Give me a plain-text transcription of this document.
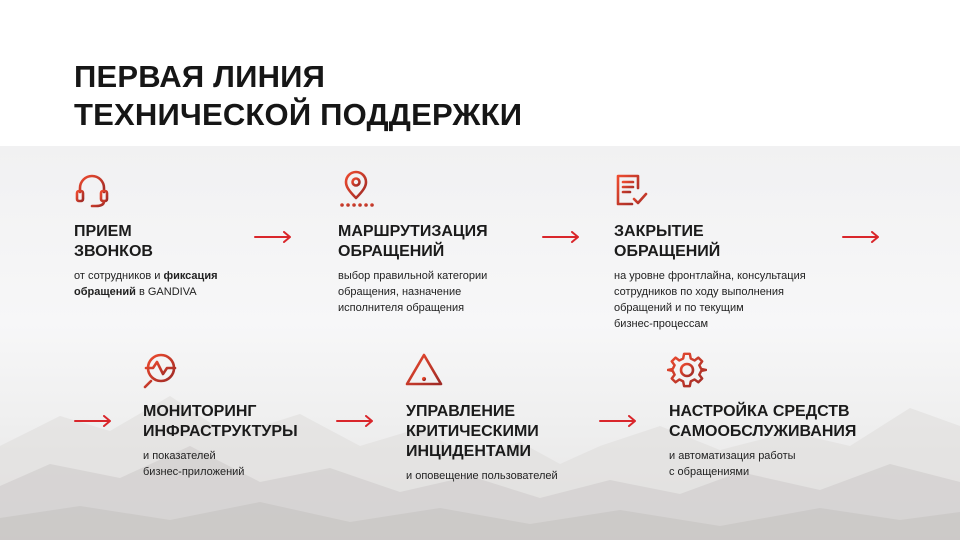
ПЕРВАЯ ЛИНИЯ
ТЕХНИЧЕСКОЙ ПОДДЕРЖКИ
ПРИЕМ
ЗВОНКОВ
от сотрудников и фиксация
обращений в GANDIVA
МАРШРУТИЗАЦИЯ
ОБРАЩЕНИЙ
выбор правильной категории
обращения, назначение
исполнителя обращения
ЗАКРЫТИЕ
ОБРАЩЕНИЙ
на уровне фронтлайна, консультация
сотрудников по ходу выполнения
обращений и по текущим
бизнес-процессам
МОНИТОРИНГ
ИНФРАСТРУКТУРЫ
и показателей
бизнес-приложений
УПРАВЛЕНИЕ
КРИТИЧЕСКИМИ
ИНЦИДЕНТАМИ
и оповещение пользователей
НАСТРОЙКА СРЕДСТВ
САМООБСЛУЖИВАНИЯ
и автоматизация работы
с обращениями
